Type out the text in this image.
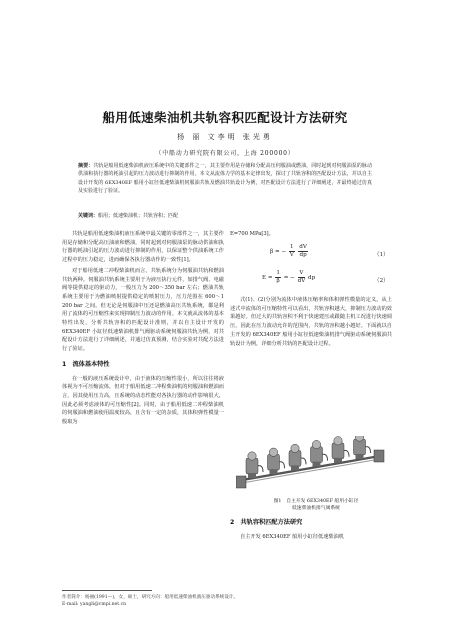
船用低速柴油机共轨容积匹配设计方法研究
杨 丽 文李明 张光勇
（中船动力研究院有限公司，上海 200000）
摘要：共轨是船用低速柴油机液压系统中的关键部件之一，其主要作用是存储和分配高压伺服油或燃油，同时起到对伺服油泵的脉动供油和执行器的耗油引起的压力波动进行抑制的作用。本文从流体力学的基本定律出发，探讨了共轨容积的匹配设计方法，并以自主设计开发的 6EX340EF 船用小缸径低速柴油机伺服油共轨及燃油共轨设计为例，对匹配设计方法进行了详细阐述，并最终通过仿真及实验进行了验证。
关键词：船用；低速柴油机；共轨容积；匹配

共轨是船用低速柴油机液压系统中最关键的零部件之一，其主要作用是存储和分配高压油液和燃油，同时起到对伺服油泵的脉动供油和执行器的耗油引起的压力波动进行抑制的作用，以保证整个供油系统工作过程中的压力稳定，进而确保各执行器动作的一致性[1]。

对于船用低速二冲程柴油机而言，共轨系统分为伺服油共轨和燃油共轨两种。伺服油共轨系统主要用于为液压执行元件，如排气阀、电磁阀等提供稳定的驱动力，一般压力为 200～350 bar 左右；燃油共轨系统主要用于为燃油喷射提供稳定的喷射压力，压力范围在 600～1 200 bar 之间。但无论是伺服油中压还是燃油高压共轨系统，都是利用了流体的可压缩性来实现抑制压力波动的作用。本文就从流体的基本特性出发，分析共轨容积的匹配设计准则，并以自主设计开发的 6EX340EF 小缸径低速柴油机排气阀驱动系统伺服油共轨为例，对共配设计方法进行了详细阐述，并通过仿真预测，结合实验对共配方法进行了验证。

1　流体基本特性

在一般的液压系统设计中，由于液体的压缩性很小，所以往往将液体视为不可压缩流体，但对于船用低速二冲程柴油机的伺服油和燃油而言，因其使用压力高，且系统的动态性能对各执行器的动作影响很大，因此必须考虑液体的可压缩性[2]。同时，由于船用低速二冲程柴油机的伺服油和燃油使用温度较高，且含有一定的杂质，其体积弹性模量一般取为

E=700 MPa[3]。
β = − $\frac{1}{V}$
$\frac{dV}{dp}$	（1）
$E = \frac{1}{\beta}$ = − $\frac{V}{dV}$ dp	（2）

式(1)、(2)分别为流体中液体压缩率和体积弹性模量的定义。从上述式中流体的可压缩特性可以看出，共轨容积越大，抑制压力波动的效果越好。但过大的共轨容积不利于快速建压或跟随主机工况进行快速调压，因此在压力波动允许的范围内，共轨的容积越小越好。下面就以自主开发的 6EX340EF 船用小缸径低速柴油机排气阀驱动系统伺服油共轨设计为例，详细分析共轨的匹配设计过程。

图1　自主开发 6EX340EF 船用小缸径
低速柴油机排气阀系统
2　共轨容积匹配方法研究

自主开发 6EX340EF 船用小缸径低速柴油机

作者简介：杨丽(1991—)，女，硕士，研究方向：船用低速柴油机液压驱动系统设计。
E-mail: yangli@cmpi.net.cn
